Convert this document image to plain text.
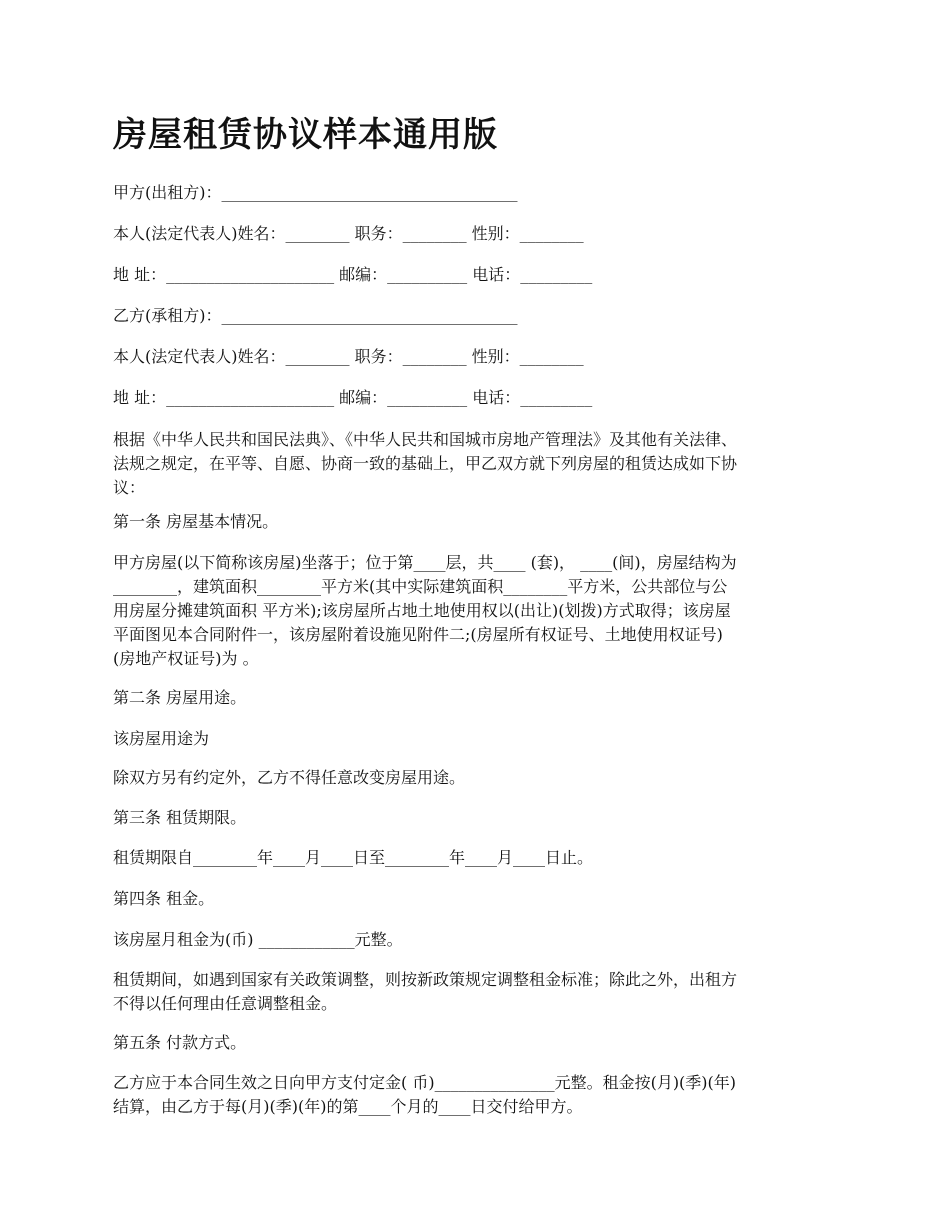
房屋租赁协议样本通用版

甲方(出租方)：_____________________________________

本人(法定代表人)姓名：________ 职务：________ 性别：________

地 址：_____________________ 邮编：__________ 电话：_________

乙方(承租方)：_____________________________________

本人(法定代表人)姓名：________ 职务：________ 性别：________

地 址：_____________________ 邮编：__________ 电话：_________

根据《中华人民共和国民法典》、《中华人民共和国城市房地产管理法》及其他有关法律、
法规之规定，在平等、自愿、协商一致的基础上，甲乙双方就下列房屋的租赁达成如下协
议：

第一条 房屋基本情况。

甲方房屋(以下简称该房屋)坐落于；位于第____层，共____ (套)， ____(间)，房屋结构为
________，建筑面积________平方米(其中实际建筑面积________平方米，公共部位与公
用房屋分摊建筑面积 平方米);该房屋所占地土地使用权以(出让)(划拨)方式取得；该房屋
平面图见本合同附件一，该房屋附着设施见附件二;(房屋所有权证号、土地使用权证号)
(房地产权证号)为 。

第二条 房屋用途。

该房屋用途为

除双方另有约定外，乙方不得任意改变房屋用途。

第三条 租赁期限。

租赁期限自________年____月____日至________年____月____日止。

第四条 租金。

该房屋月租金为(币) ____________元整。

租赁期间，如遇到国家有关政策调整，则按新政策规定调整租金标准；除此之外，出租方
不得以任何理由任意调整租金。

第五条 付款方式。

乙方应于本合同生效之日向甲方支付定金( 币)_______________元整。租金按(月)(季)(年)
结算，由乙方于每(月)(季)(年)的第____个月的____日交付给甲方。
